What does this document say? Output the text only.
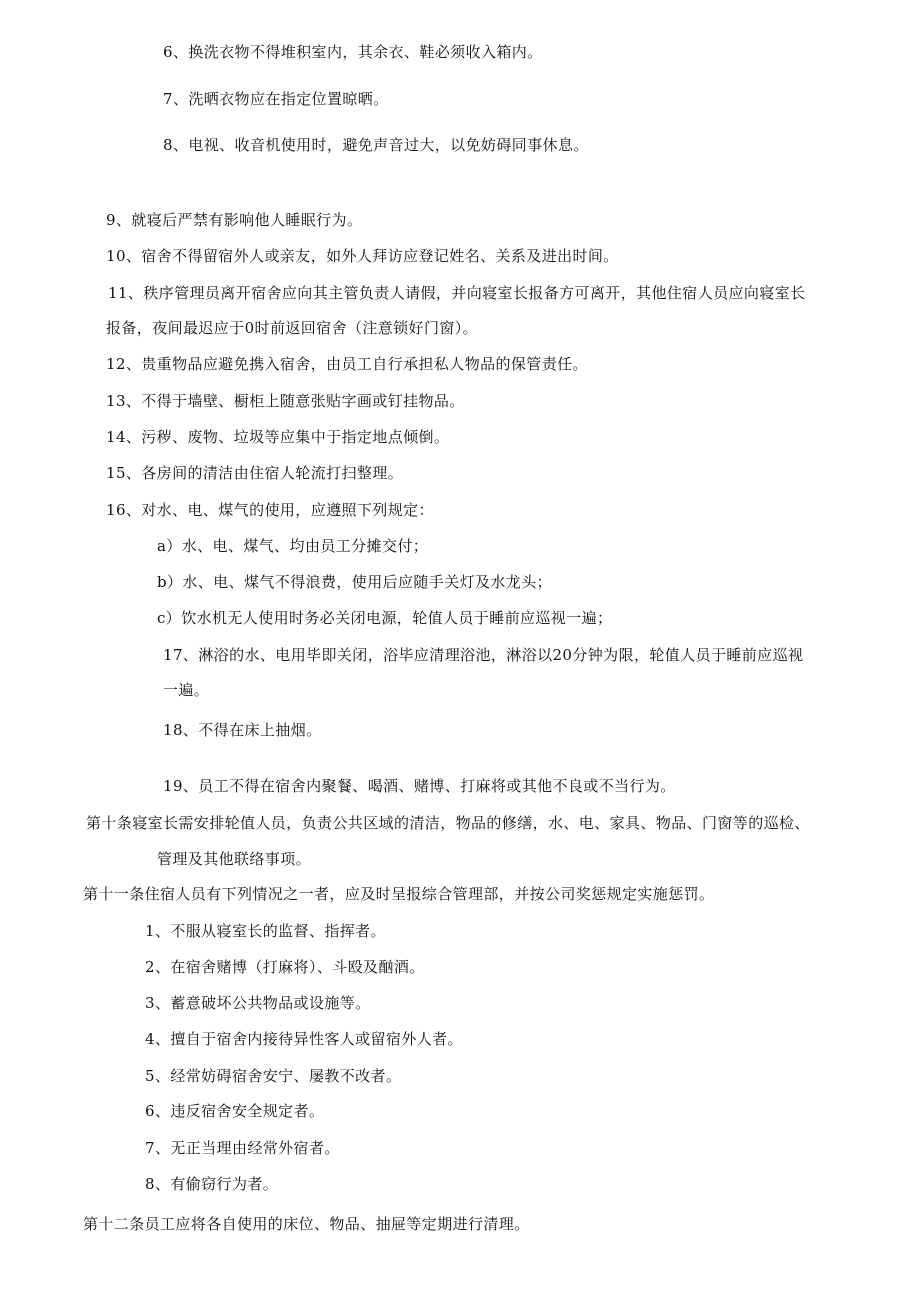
6、换洗衣物不得堆积室内，其余衣、鞋必须收入箱内。
7、洗晒衣物应在指定位置晾晒。
8、电视、收音机使用时，避免声音过大，以免妨碍同事休息。
9、就寝后严禁有影响他人睡眠行为。
10、宿舍不得留宿外人或亲友，如外人拜访应登记姓名、关系及进出时间。
11、秩序管理员离开宿舍应向其主管负责人请假，并向寝室长报备方可离开，其他住宿人员应向寝室长
报备，夜间最迟应于0时前返回宿舍（注意锁好门窗）。
12、贵重物品应避免携入宿舍，由员工自行承担私人物品的保管责任。
13、不得于墙壁、橱柜上随意张贴字画或钉挂物品。
14、污秽、废物、垃圾等应集中于指定地点倾倒。
15、各房间的清洁由住宿人轮流打扫整理。
16、对水、电、煤气的使用，应遵照下列规定：
a）水、电、煤气、均由员工分摊交付；
b）水、电、煤气不得浪费，使用后应随手关灯及水龙头；
c）饮水机无人使用时务必关闭电源，轮值人员于睡前应巡视一遍；
17、淋浴的水、电用毕即关闭，浴毕应清理浴池，淋浴以20分钟为限，轮值人员于睡前应巡视
一遍。
18、不得在床上抽烟。
19、员工不得在宿舍内聚餐、喝酒、赌博、打麻将或其他不良或不当行为。
第十条寝室长需安排轮值人员，负责公共区域的清洁，物品的修缮，水、电、家具、物品、门窗等的巡检、
管理及其他联络事项。
第十一条住宿人员有下列情况之一者，应及时呈报综合管理部，并按公司奖惩规定实施惩罚。
1、不服从寝室长的监督、指挥者。
2、在宿舍赌博（打麻将）、斗殴及酗酒。
3、蓄意破坏公共物品或设施等。
4、擅自于宿舍内接待异性客人或留宿外人者。
5、经常妨碍宿舍安宁、屡教不改者。
6、违反宿舍安全规定者。
7、无正当理由经常外宿者。
8、有偷窃行为者。
第十二条员工应将各自使用的床位、物品、抽屉等定期进行清理。
